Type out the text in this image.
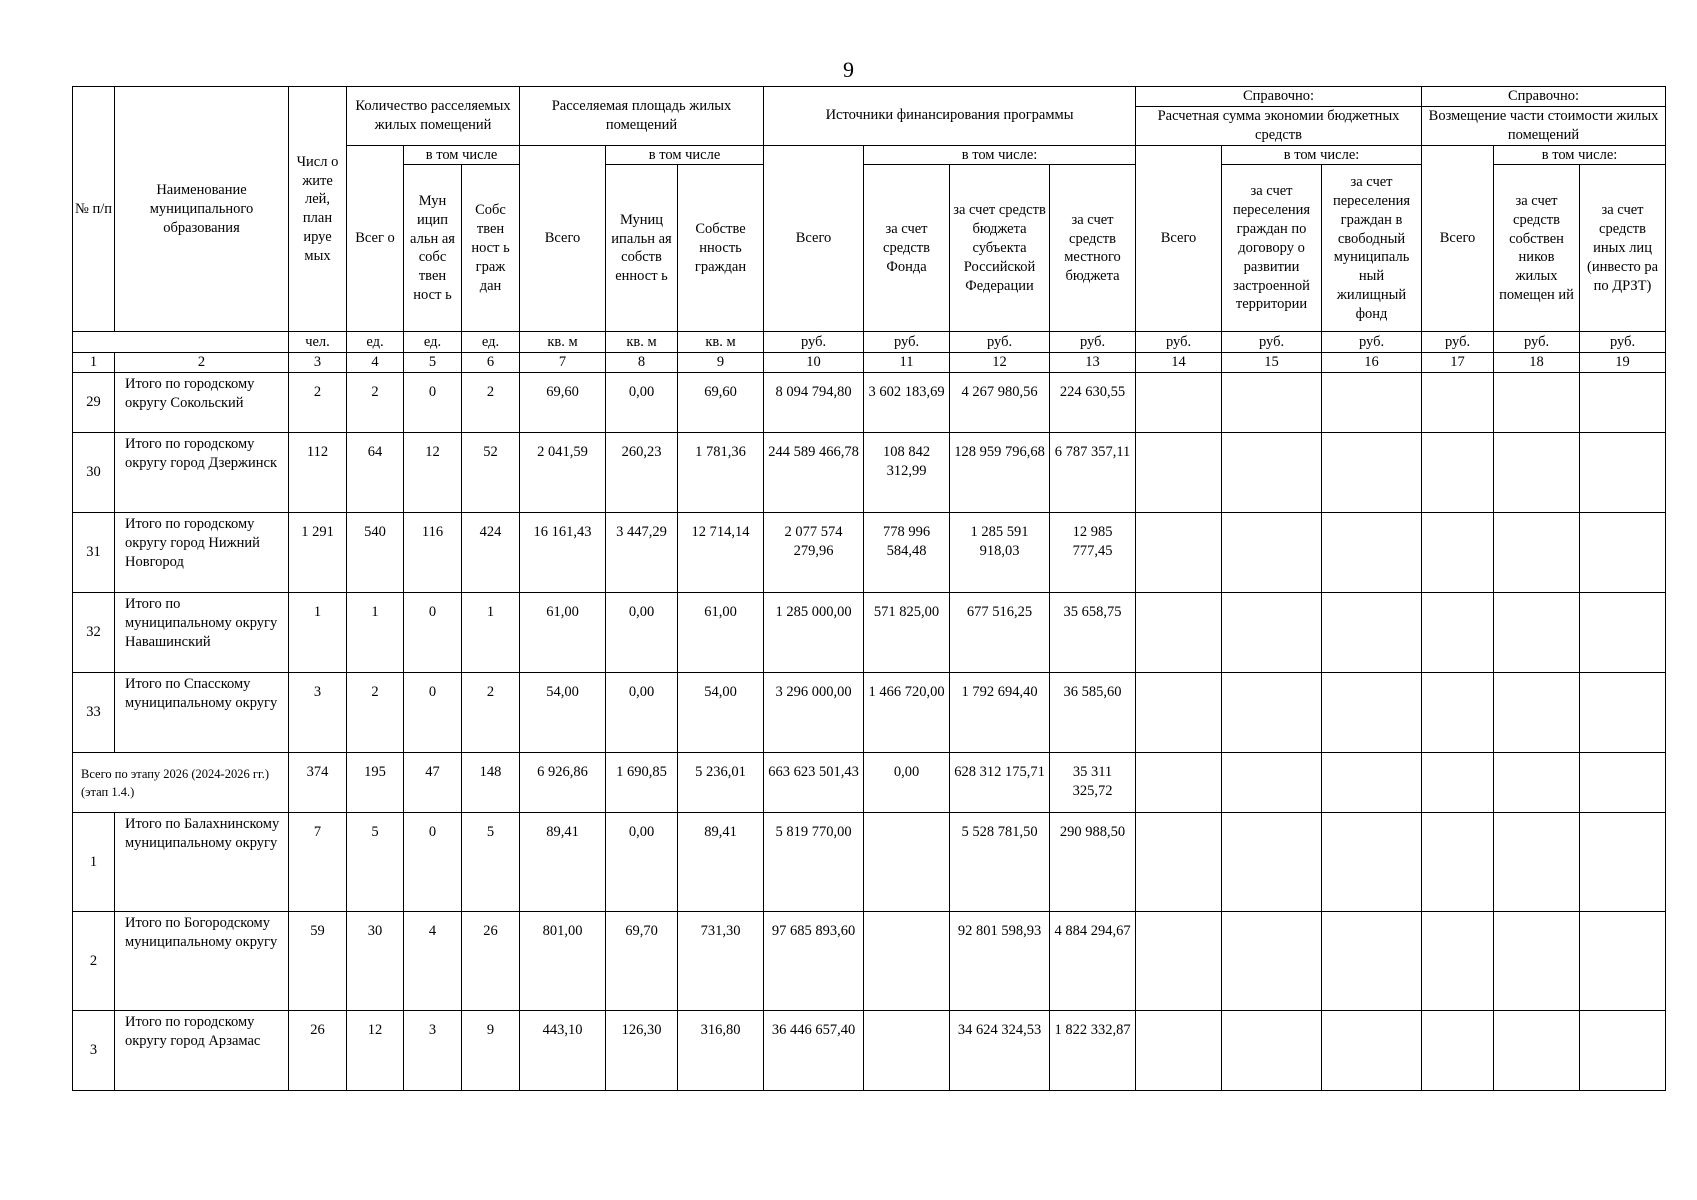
9
№ п/п	Наименование муниципального образования	Числ о жите лей, план ируе мых	Количество расселяемых жилых помещений			Расселяемая площадь жилых помещений			Источники финансирования программы				Справочно:			Справочно:		
													Расчетная сумма экономии бюджетных средств			Возмещение части стоимости жилых помещений		
			Всег о	в том числе		Всего	в том числе		Всего	в том числе:			Всего	в том числе:		Всего	в том числе:	
				Мун ицип альн ая собс твен ност ь	Собс твен ност ь граж дан		Муниц ипальн ая собств енност ь	Собстве нность граждан		за счет средств Фонда	за счет средств бюджета субъекта Российской Федерации	за счет средств местного бюджета		за счет переселения граждан по договору о развитии застроенной территории	за счет переселения граждан в свободный муниципаль ный жилищный фонд		за счет средств собствен ников жилых помещен ий	за счет средств иных лиц (инвесто ра по ДРЗТ)
		чел.	ед.	ед.	ед.	кв. м	кв. м	кв. м	руб.	руб.	руб.	руб.	руб.	руб.	руб.	руб.	руб.	руб.
1	2	3	4	5	6	7	8	9	10	11	12	13	14	15	16	17	18	19
29	Итого по городскому округу Сокольский	2	2	0	2	69,60	0,00	69,60	8 094 794,80	3 602 183,69	4 267 980,56	224 630,55						
30	Итого по городскому округу город Дзержинск	112	64	12	52	2 041,59	260,23	1 781,36	244 589 466,78	108 842 312,99	128 959 796,68	6 787 357,11						
31	Итого по городскому округу город Нижний Новгород	1 291	540	116	424	16 161,43	3 447,29	12 714,14	2 077 574 279,96	778 996 584,48	1 285 591 918,03	12 985 777,45						
32	Итого по муниципальному округу Навашинский	1	1	0	1	61,00	0,00	61,00	1 285 000,00	571 825,00	677 516,25	35 658,75						
33	Итого по Спасскому муниципальному округу	3	2	0	2	54,00	0,00	54,00	3 296 000,00	1 466 720,00	1 792 694,40	36 585,60						
Всего по этапу 2026 (2024-2026 гг.) (этап 1.4.)		374	195	47	148	6 926,86	1 690,85	5 236,01	663 623 501,43	0,00	628 312 175,71	35 311 325,72						
1	Итого по Балахнинскому муниципальному округу	7	5	0	5	89,41	0,00	89,41	5 819 770,00		5 528 781,50	290 988,50						
2	Итого по Богородскому муниципальному округу	59	30	4	26	801,00	69,70	731,30	97 685 893,60		92 801 598,93	4 884 294,67						
3	Итого по городскому округу город Арзамас	26	12	3	9	443,10	126,30	316,80	36 446 657,40		34 624 324,53	1 822 332,87						
